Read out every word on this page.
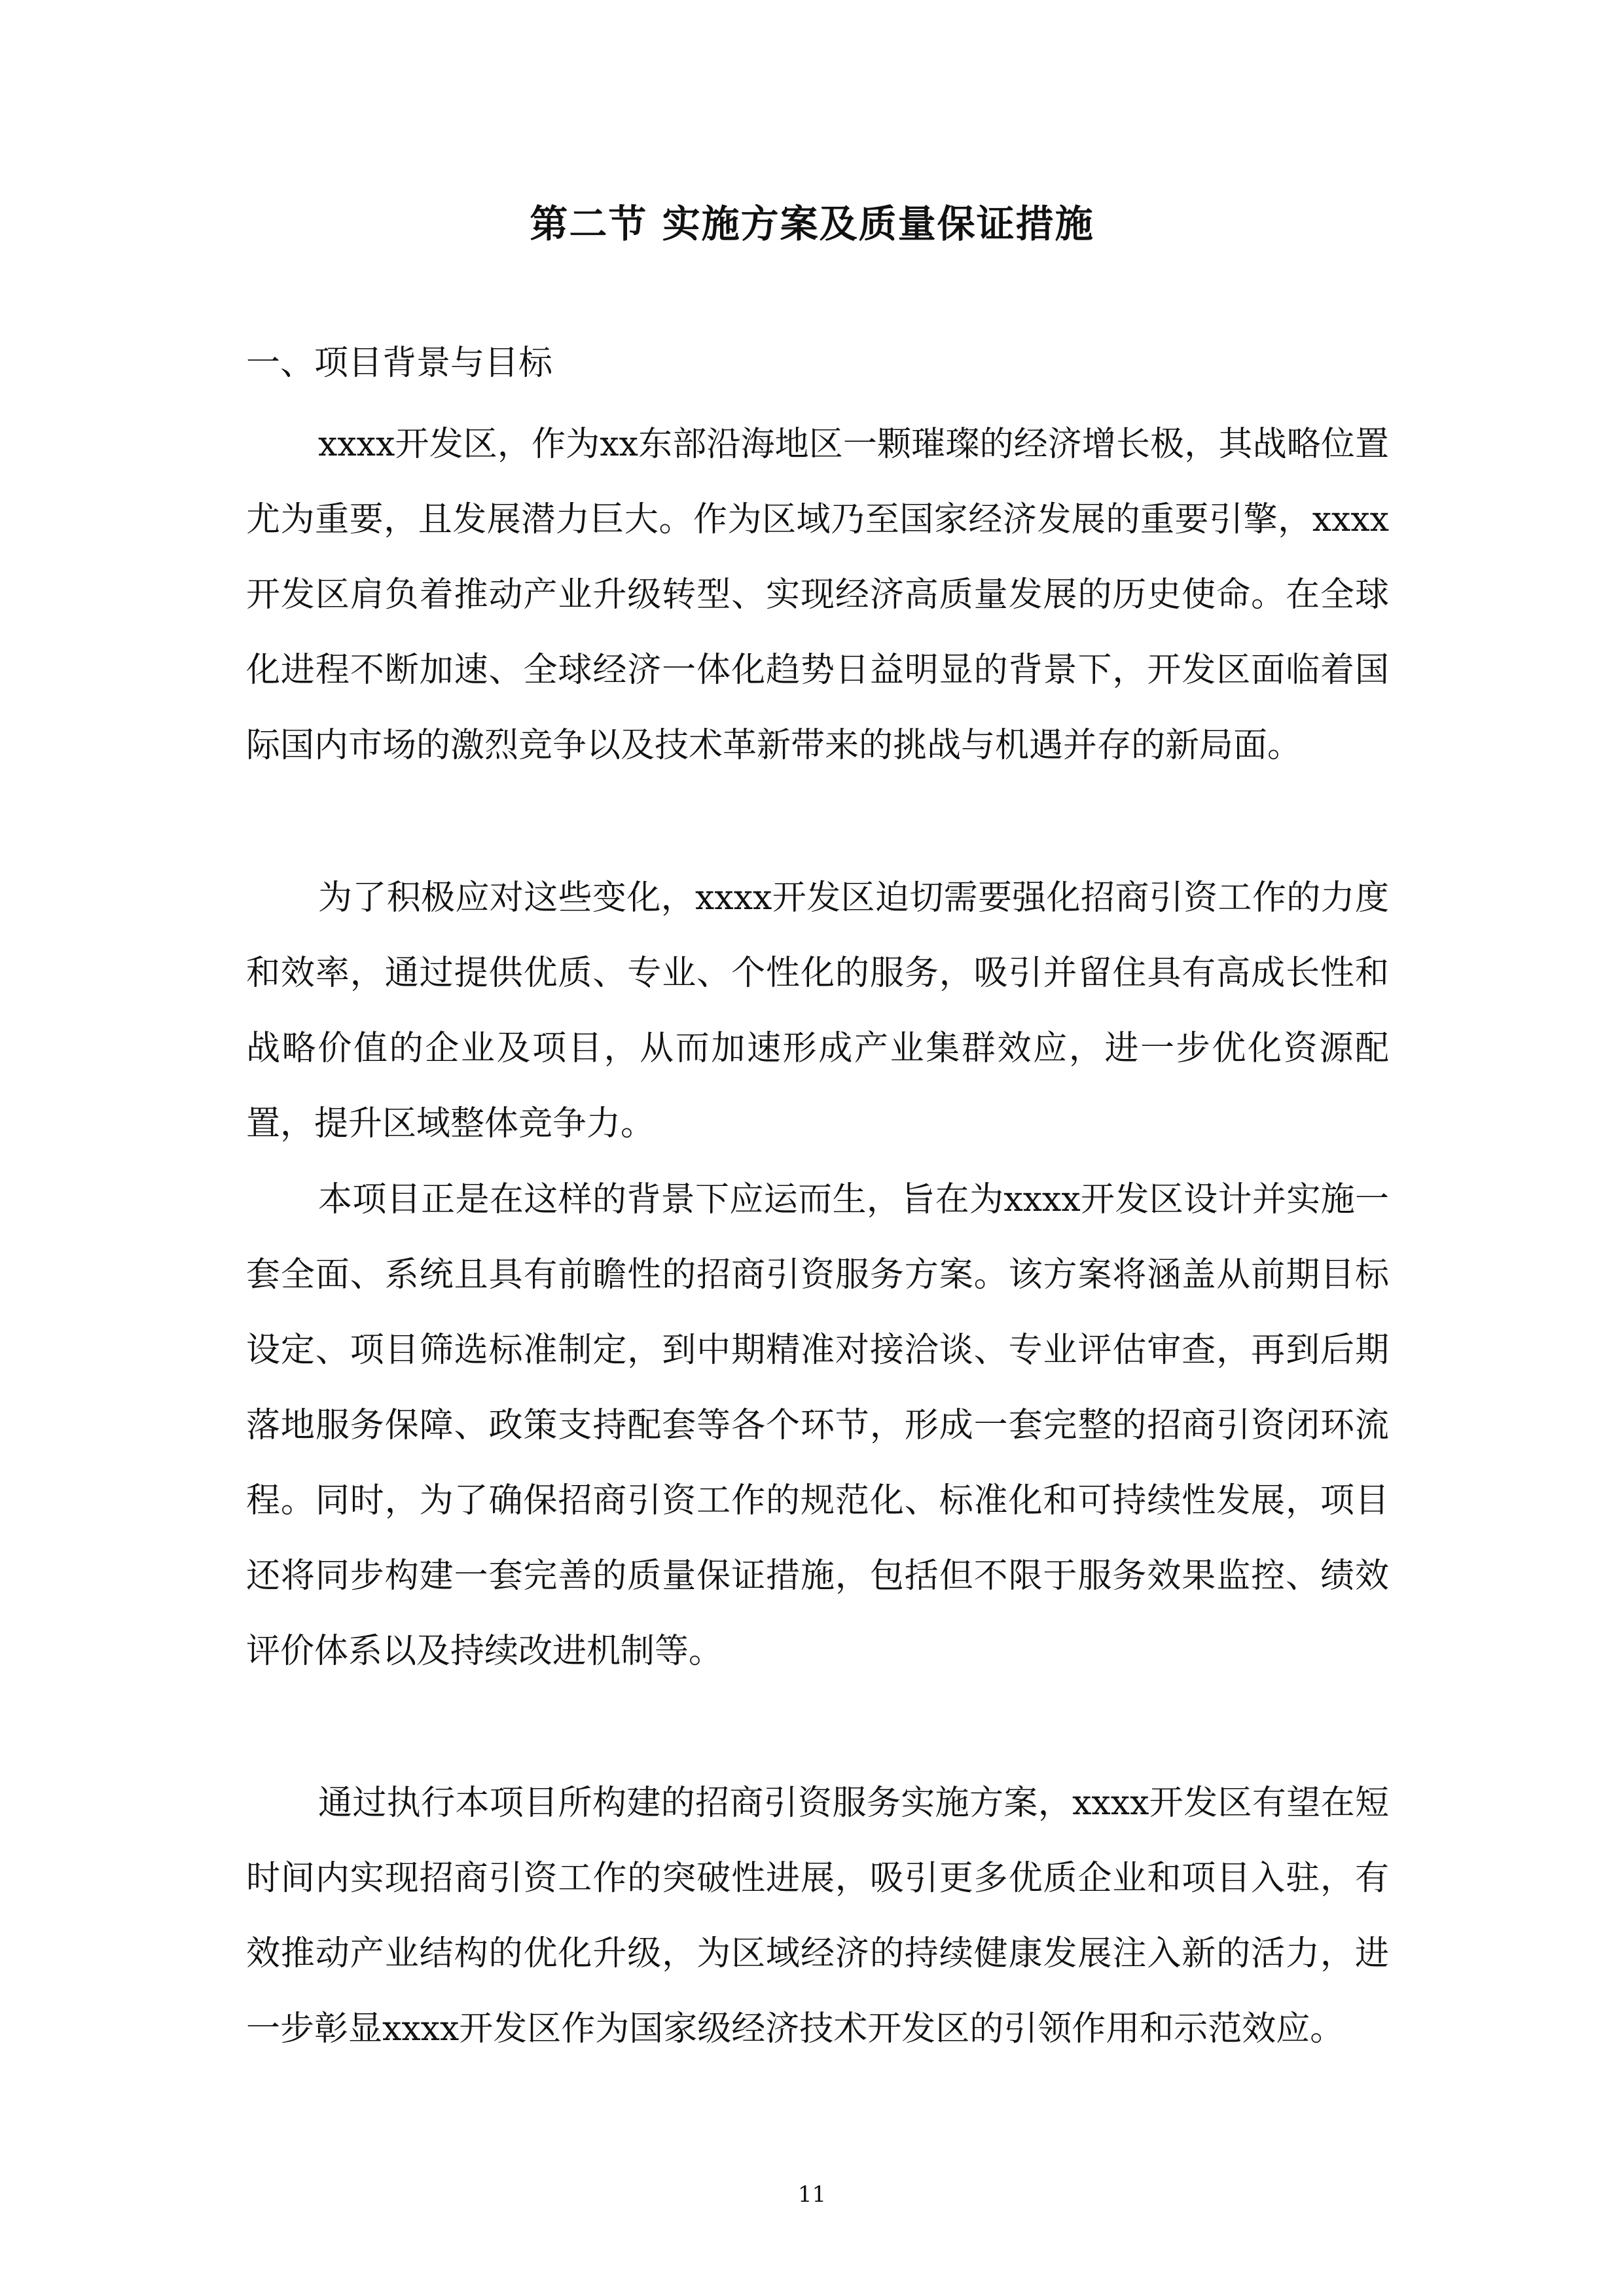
第二节 实施方案及质量保证措施
一、项目背景与目标

xxxx开发区，作为xx东部沿海地区一颗璀璨的经济增长极，其战略位置尤为重要，且发展潜力巨大。作为区域乃至国家经济发展的重要引擎，xxxx开发区肩负着推动产业升级转型、实现经济高质量发展的历史使命。在全球化进程不断加速、全球经济一体化趋势日益明显的背景下，开发区面临着国际国内市场的激烈竞争以及技术革新带来的挑战与机遇并存的新局面。

为了积极应对这些变化，xxxx开发区迫切需要强化招商引资工作的力度和效率，通过提供优质、专业、个性化的服务，吸引并留住具有高成长性和战略价值的企业及项目，从而加速形成产业集群效应，进一步优化资源配置，提升区域整体竞争力。

本项目正是在这样的背景下应运而生，旨在为xxxx开发区设计并实施一套全面、系统且具有前瞻性的招商引资服务方案。该方案将涵盖从前期目标设定、项目筛选标准制定，到中期精准对接洽谈、专业评估审查，再到后期落地服务保障、政策支持配套等各个环节，形成一套完整的招商引资闭环流程。同时，为了确保招商引资工作的规范化、标准化和可持续性发展，项目还将同步构建一套完善的质量保证措施，包括但不限于服务效果监控、绩效评价体系以及持续改进机制等。

通过执行本项目所构建的招商引资服务实施方案，xxxx开发区有望在短时间内实现招商引资工作的突破性进展，吸引更多优质企业和项目入驻，有效推动产业结构的优化升级，为区域经济的持续健康发展注入新的活力，进一步彰显xxxx开发区作为国家级经济技术开发区的引领作用和示范效应。

11
